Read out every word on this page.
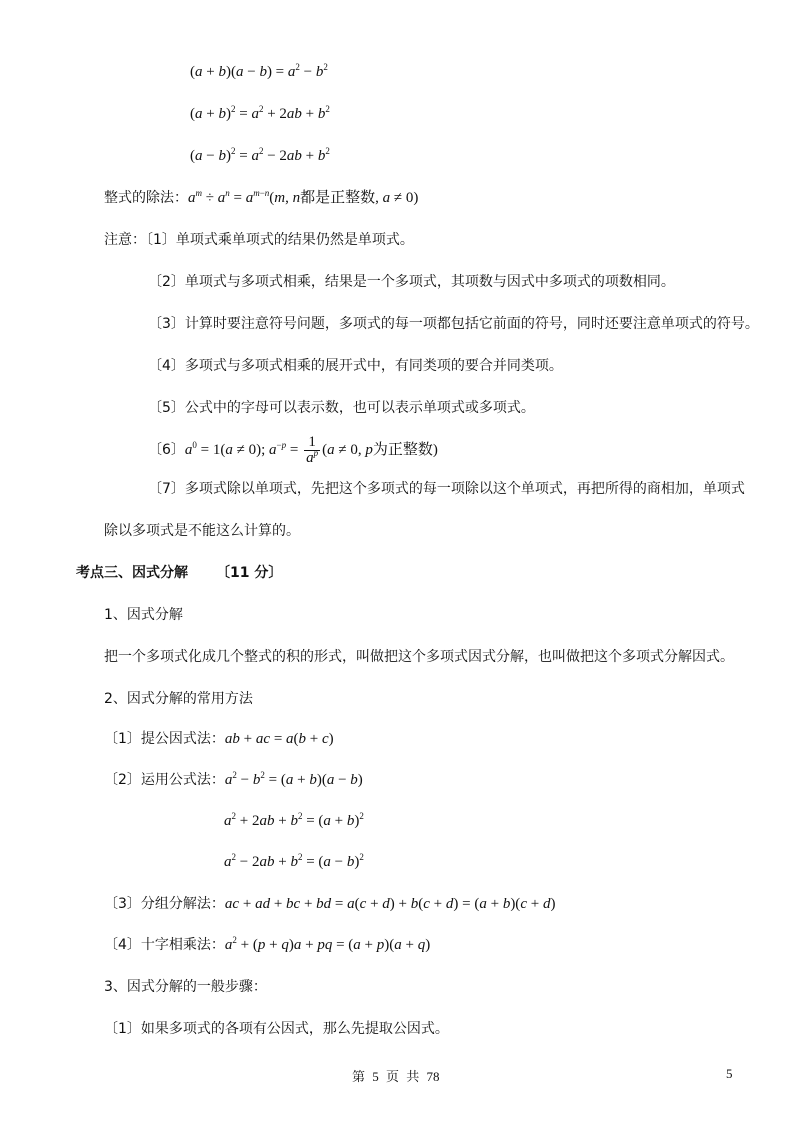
$(a + b)(a - b) = a^2 - b^2$
$(a + b)^2 = a^2 + 2ab + b^2$
$(a - b)^2 = a^2 - 2ab + b^2$
整式的除法：$a^m \div a^n = a^{m-n}(m$, n都是正整数, a ≠ 0)
注意：〔1〕单项式乘单项式的结果仍然是单项式。
〔2〕单项式与多项式相乘，结果是一个多项式，其项数与因式中多项式的项数相同。
〔3〕计算时要注意符号问题，多项式的每一项都包括它前面的符号，同时还要注意单项式的符号。
〔4〕多项式与多项式相乘的展开式中，有同类项的要合并同类项。
〔5〕公式中的字母可以表示数，也可以表示单项式或多项式。
〔6〕$a^0 = 1(a \ne 0)$; $a^{-p} = \frac{1}{a^p} (a \ne 0$, p为正整数)
〔7〕多项式除以单项式，先把这个多项式的每一项除以这个单项式，再把所得的商相加，单项式
除以多项式是不能这么计算的。
考点三、因式分解 〔11 分〕
1、因式分解
把一个多项式化成几个整式的积的形式，叫做把这个多项式因式分解，也叫做把这个多项式分解因式。
2、因式分解的常用方法
〔1〕提公因式法：ab + ac = a(b + c)
〔2〕运用公式法：$a^2 - b^2 = (a + b)(a - b)$
$a^2 + 2ab + b^2 = (a + b)^2$
$a^2 - 2ab + b^2 = (a - b)^2$
〔3〕分组分解法：ac + ad + bc + bd = a(c + d) + b(c + d) = (a + b)(c + d)
〔4〕十字相乘法：$a^2 + (p + q)a$ + pq = (a + p)(a + q)
3、因式分解的一般步骤：
〔1〕如果多项式的各项有公因式，那么先提取公因式。
第 5 页 共 78	5
